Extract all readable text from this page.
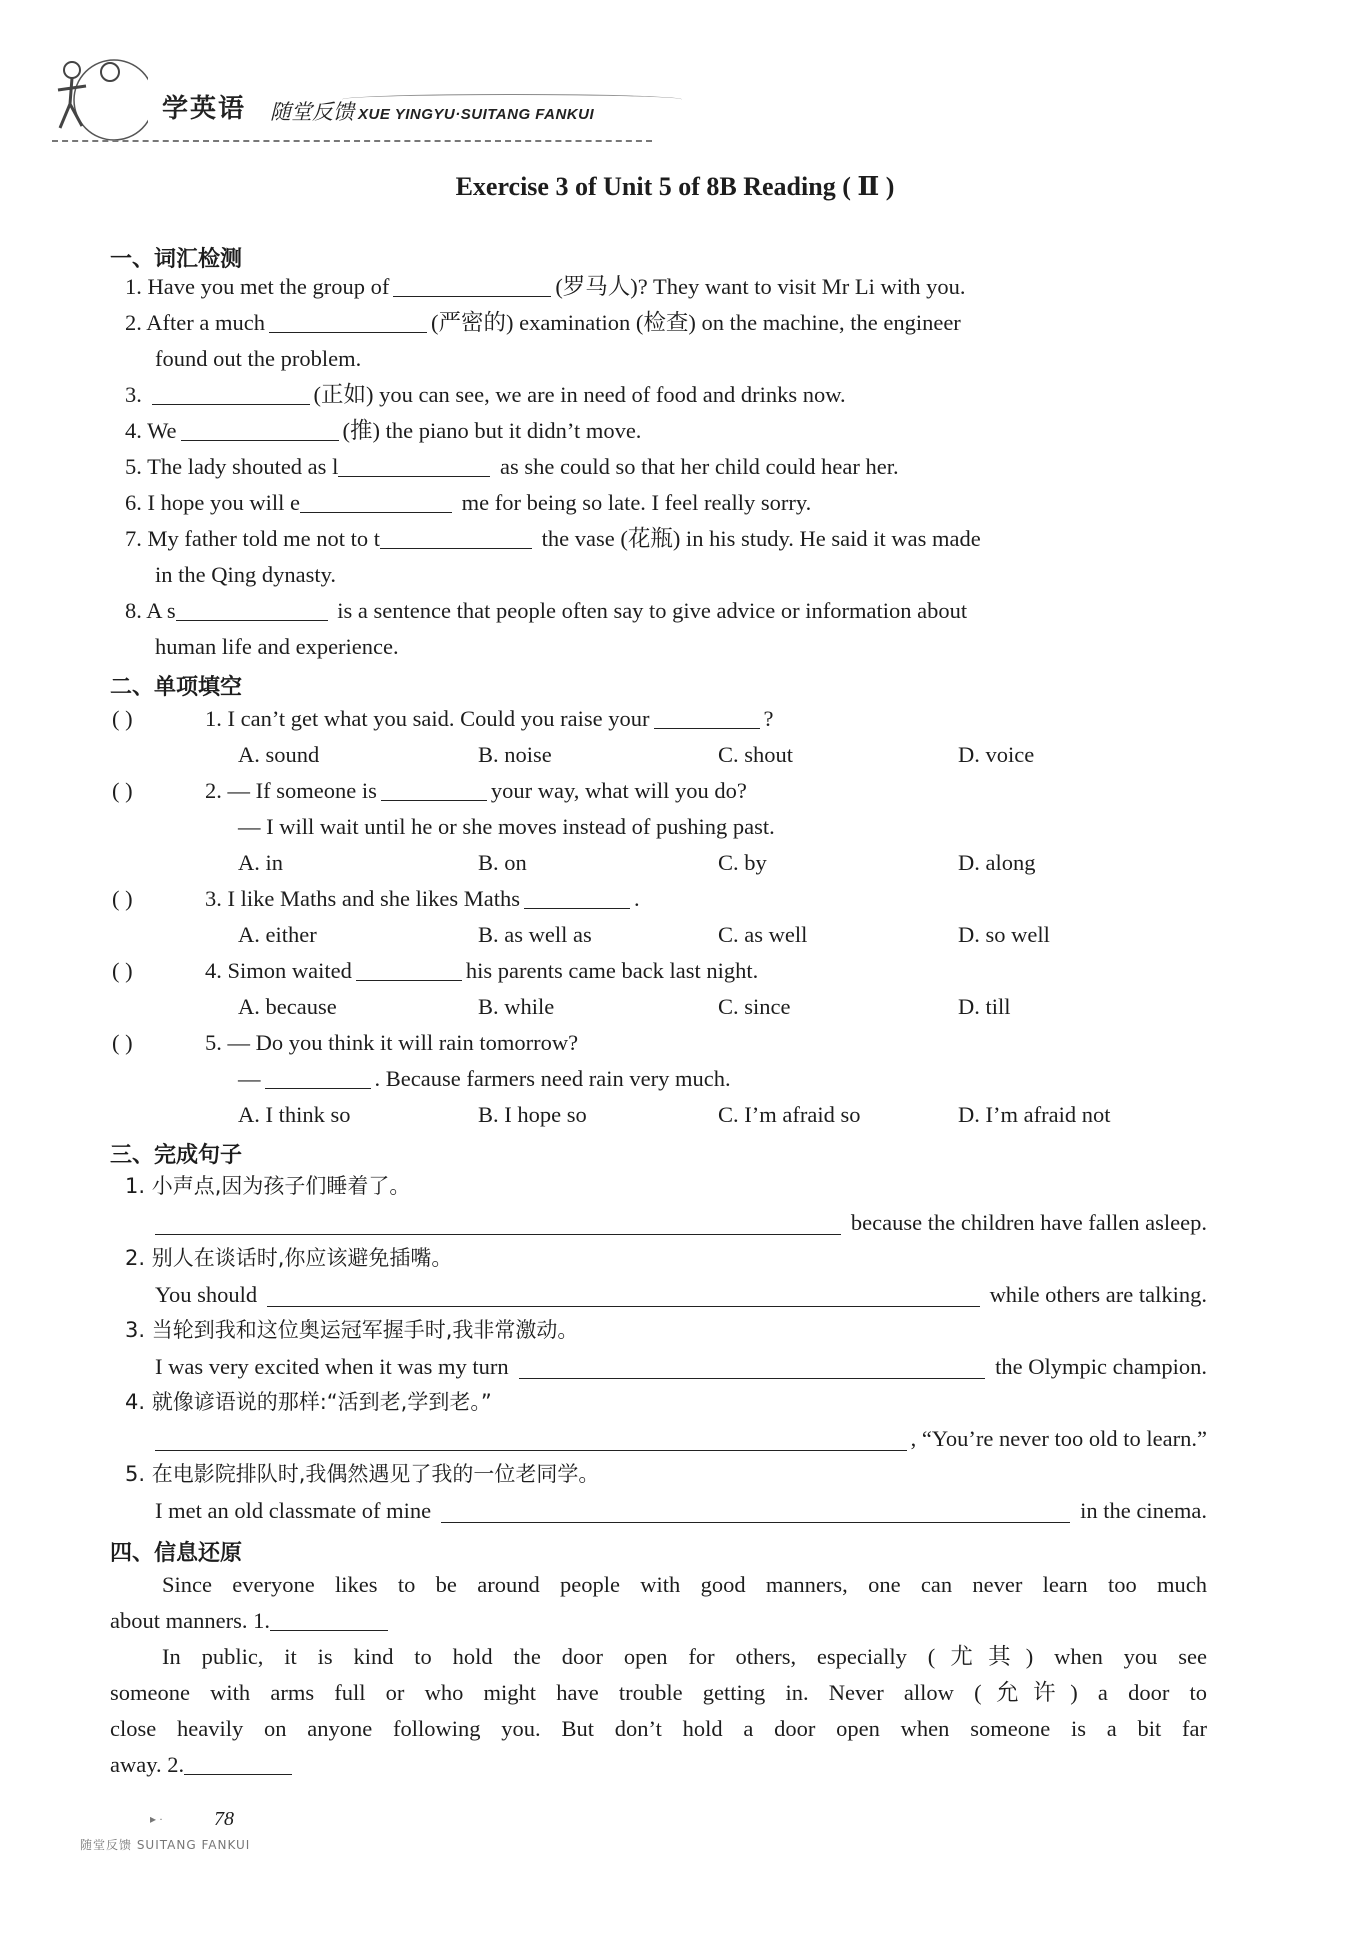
学英语 随堂反馈 XUE YINGYU·SUITANG FANKUI
Exercise 3 of Unit 5 of 8B Reading ( Ⅱ )
一、词汇检测
1. Have you met the group of	(罗马人)? They want to visit Mr Li with you.
2. After a much	(严密的) examination (检查) on the machine, the engineer
found out the problem.
3.	(正如) you can see, we are in need of food and drinks now.
4. We	(推) the piano but it didn’t move.
5. The lady shouted as l	as she could so that her child could hear her.
6. I hope you will e	me for being so late. I feel really sorry.
7. My father told me not to t	the vase (花瓶) in his study. He said it was made
in the Qing dynasty.
8. A s	is a sentence that people often say to give advice or information about
human life and experience.
二、单项填空
( )	1. I can’t get what you said. Could you raise your	?
A. sound	B. noise	C. shout	D. voice
( )	2. — If someone is	your way, what will you do?
— I will wait until he or she moves instead of pushing past.
A. in	B. on	C. by	D. along
( )	3. I like Maths and she likes Maths	.
A. either	B. as well as	C. as well	D. so well
( )	4. Simon waited	his parents came back last night.
A. because	B. while	C. since	D. till
( )	5. — Do you think it will rain tomorrow?
—	. Because farmers need rain very much.
A. I think so	B. I hope so	C. I’m afraid so	D. I’m afraid not
三、完成句子
1. 小声点,因为孩子们睡着了。
because the children have fallen asleep.
2. 别人在谈话时,你应该避免插嘴。
You should	while others are talking.
3. 当轮到我和这位奥运冠军握手时,我非常激动。
I was very excited when it was my turn	the Olympic champion.
4. 就像谚语说的那样:“活到老,学到老。”
, “You’re never too old to learn.”
5. 在电影院排队时,我偶然遇见了我的一位老同学。
I met an old classmate of mine	in the cinema.
四、信息还原
Since everyone likes to be around people with good manners, one can never learn too much
about manners. 1.
In public, it is kind to hold the door open for others, especially (尤其) when you see
someone with arms full or who might have trouble getting in. Never allow (允许) a door to
close heavily on anyone following you. But don’t hold a door open when someone is a bit far
away. 2.
▸ ·	78
随堂反馈 SUITANG FANKUI
